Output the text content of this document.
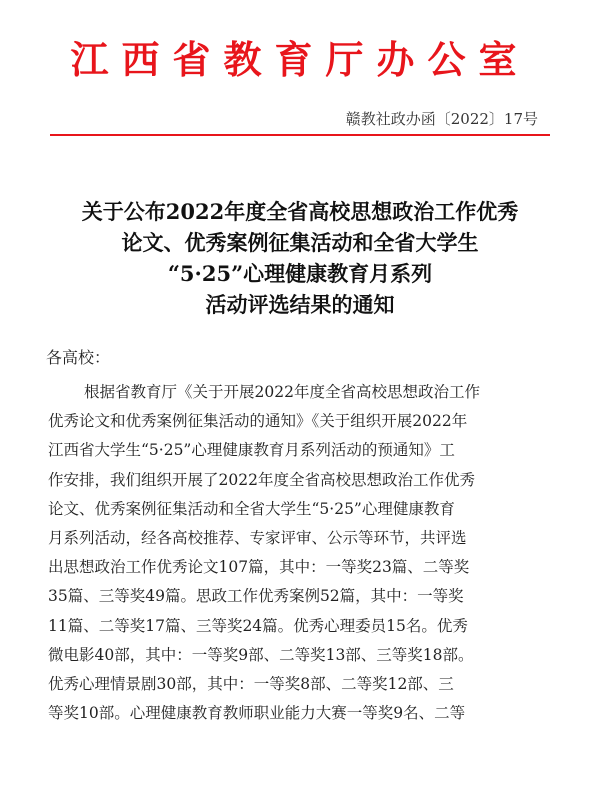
江西省教育厅办公室
赣教社政办函〔2022〕17号
关于公布2022年度全省高校思想政治工作优秀
论文、优秀案例征集活动和全省大学生
“5·25”心理健康教育月系列
活动评选结果的通知
各高校：
根据省教育厅《关于开展2022年度全省高校思想政治工作
优秀论文和优秀案例征集活动的通知》《关于组织开展2022年
江西省大学生“5·25”心理健康教育月系列活动的预通知》工
作安排，我们组织开展了2022年度全省高校思想政治工作优秀
论文、优秀案例征集活动和全省大学生“5·25”心理健康教育
月系列活动，经各高校推荐、专家评审、公示等环节，共评选
出思想政治工作优秀论文107篇，其中：一等奖23篇、二等奖
35篇、三等奖49篇。思政工作优秀案例52篇，其中：一等奖
11篇、二等奖17篇、三等奖24篇。优秀心理委员15名。优秀
微电影40部，其中：一等奖9部、二等奖13部、三等奖18部。
优秀心理情景剧30部，其中：一等奖8部、二等奖12部、三
等奖10部。心理健康教育教师职业能力大赛一等奖9名、二等
